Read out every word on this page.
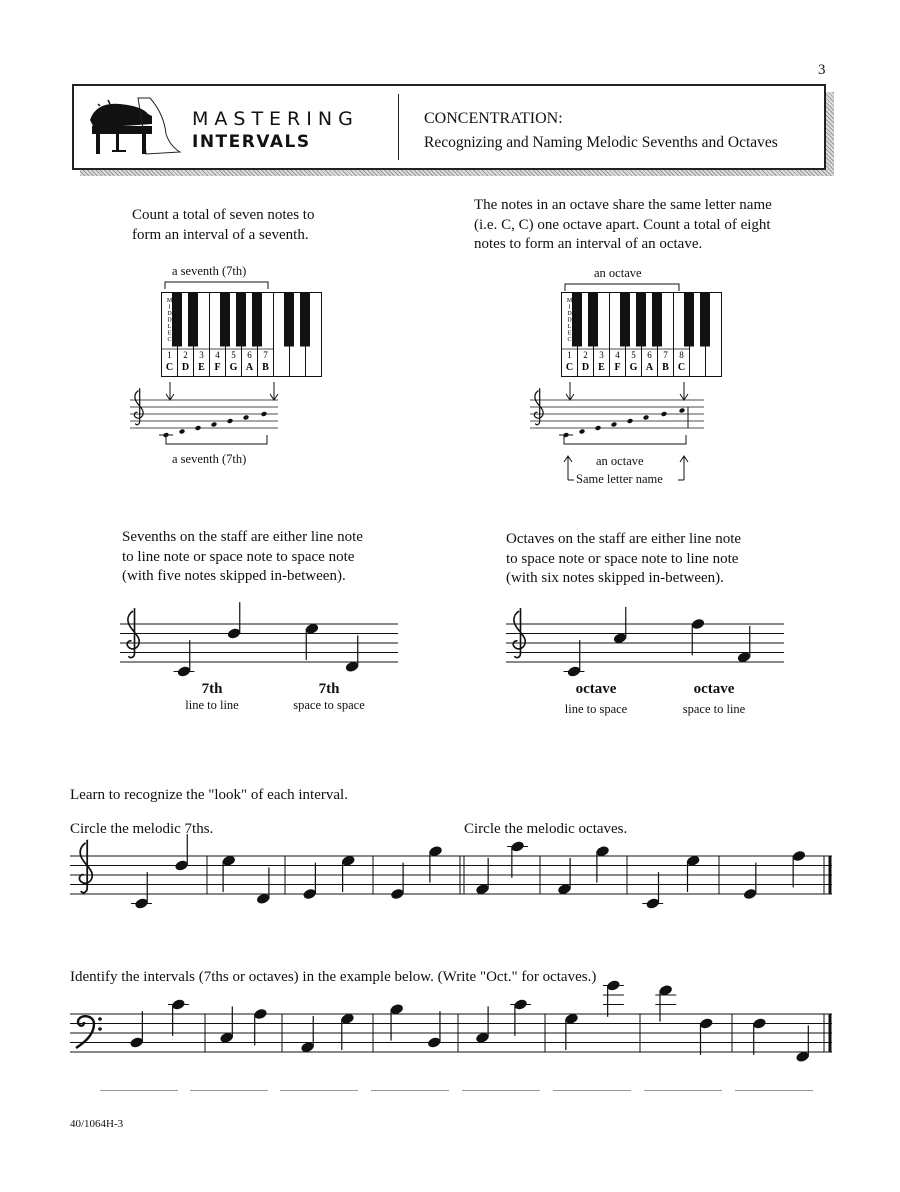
3
MASTERING
INTERVALS
CONCENTRATION:
Recognizing and Naming Melodic Sevenths and Octaves
Count a total of seven notes to
form an interval of a seventh.
The notes in an octave share the same letter name
(i.e. C, C) one octave apart. Count a total of eight
notes to form an interval of an octave.
a seventh (7th)
M
I
D
D
L
E
C
1
C
2
D
3
E
4
F
5
G
6
A
7
B
a seventh (7th)
an octave
M
I
D
D
L
E
C
1
C
2
D
3
E
4
F
5
G
6
A
7
B
8
C
an octave
Same letter name
Sevenths on the staff are either line note
to line note or space note to space note
(with five notes skipped in-between).
Octaves on the staff are either line note
to space note or space note to line note
(with six notes skipped in-between).
7th
line to line
7th
space to space
octave
line to space
octave
space to line
Learn to recognize the "look" of each interval.
Circle the melodic 7ths.	Circle the melodic octaves.
Identify the intervals (7ths or octaves) in the example below. (Write "Oct." for octaves.)
40/1064H-3
